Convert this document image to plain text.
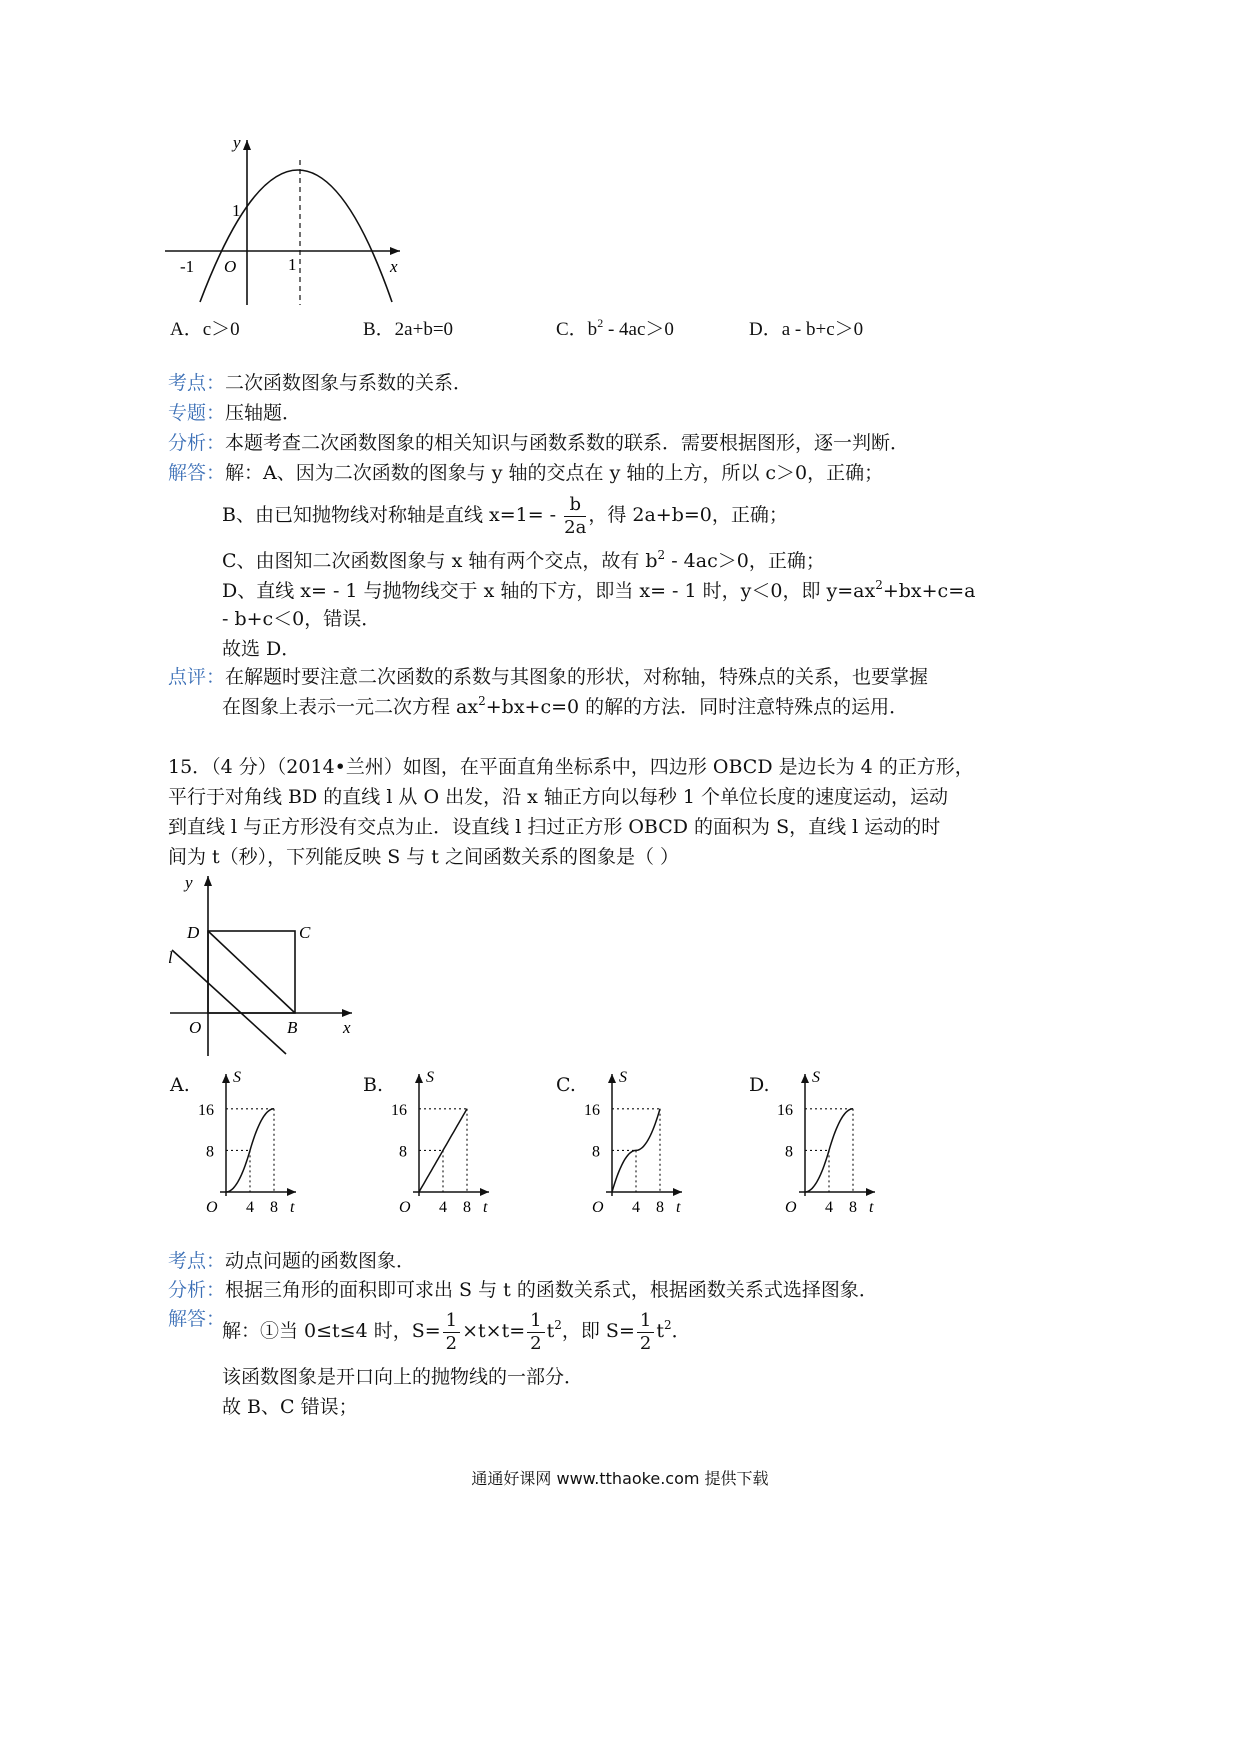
y
x
-1 O	1
1
A．c＞0	B．2a+b=0	C．$b^2 - 4ac>0$	D．a - b+c＞0
考点：二次函数图象与系数的关系．
专题：压轴题．
分析：本题考查二次函数图象的相关知识与函数系数的联系．需要根据图形，逐一判断．
解答：解：A、因为二次函数的图象与 y 轴的交点在 y 轴的上方，所以 c＞0，正确；
B、由已知抛物线对称轴是直线 $x=1= - \frac{b}{2a}$ ，得 2a+b=0，正确；
C、由图知二次函数图象与 x 轴有两个交点，故有 $b^2 - 4ac>0$，正确；
D、直线 x= - 1 与抛物线交于 x 轴的下方，即当 x= - 1 时，y＜0，即 $y=ax^2+bx+c=a$
- b+c＜0，错误．
故选 D．
点评：在解题时要注意二次函数的系数与其图象的形状，对称轴，特殊点的关系，也要掌握
在图象上表示一元二次方程 $ax^2+bx+c=0$ 的解的方法．同时注意特殊点的运用．
15．（4 分）（2014•兰州）如图，在平面直角坐标系中，四边形 OBCD 是边长为 4 的正方形，
平行于对角线 BD 的直线 l 从 O 出发，沿 x 轴正方向以每秒 1 个单位长度的速度运动，运动
到直线 l 与正方形没有交点为止．设直线 l 扫过正方形 OBCD 的面积为 S，直线 l 运动的时
间为 t（秒），下列能反映 S 与 t 之间函数关系的图象是（ ）
y
x
D	C
l
O	B
A.	S
t
O
16
8
4 8
B.	S
t
O
16
8
4 8
C.	S
t
O
16
8
4 8
D.	S
t
O
16
8
4 8
考点：动点问题的函数图象．
分析：根据三角形的面积即可求出 S 与 t 的函数关系式，根据函数关系式选择图象．
解答：
解：①当 0≤t≤4 时，$S= \frac{1}{2} \times t\times t= \frac{1}{2} t^2$，即 $S= \frac{1}{2} t^2$．
该函数图象是开口向上的抛物线的一部分．
故 B、C 错误；
通通好课网 www.tthaoke.com 提供下载
